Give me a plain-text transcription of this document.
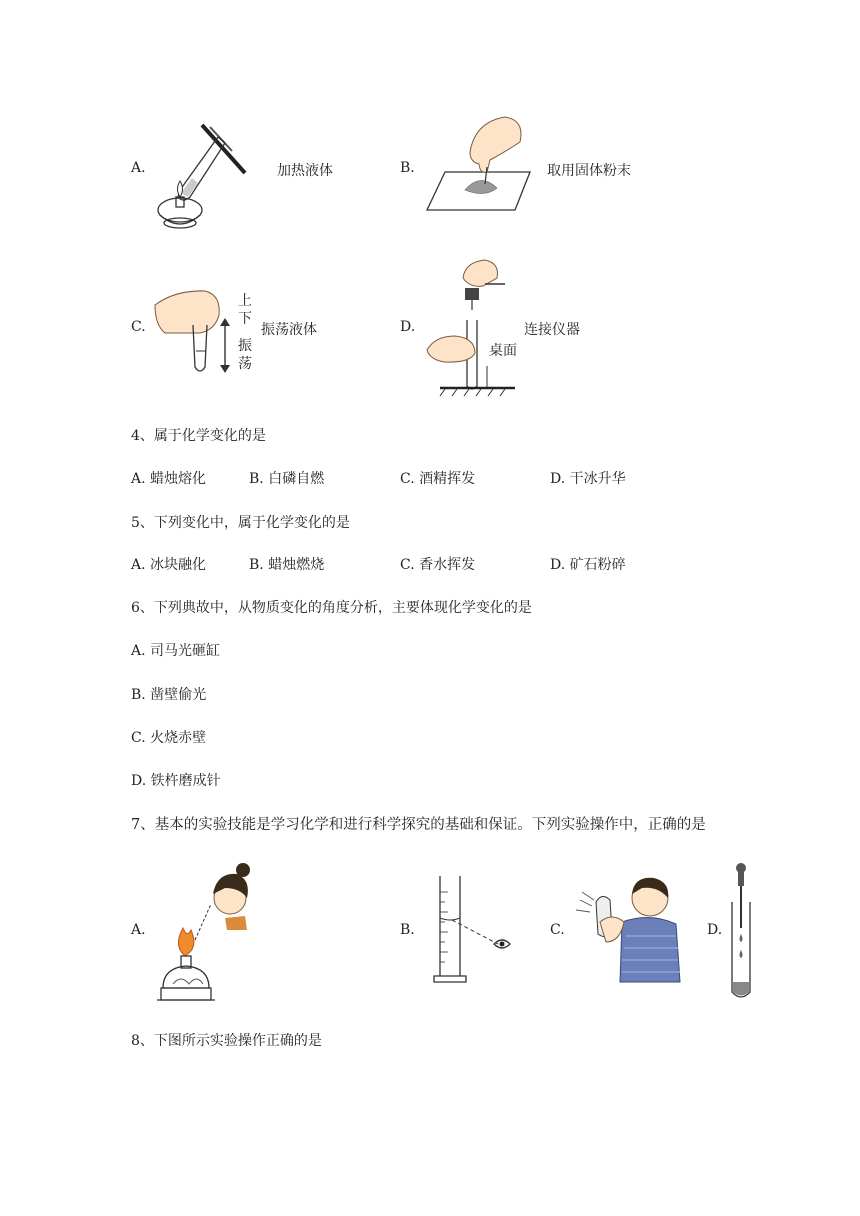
A.	加热液体	B.	取用固体粉末
C.
上
下
振
荡
振荡液体	D.
桌面
连接仪器
4、属于化学变化的是
A. 蜡烛熔化	B. 白磷自燃	C. 酒精挥发	D. 干冰升华
5、下列变化中，属于化学变化的是
A. 冰块融化	B. 蜡烛燃烧	C. 香水挥发	D. 矿石粉碎
6、下列典故中，从物质变化的角度分析，主要体现化学变化的是
A. 司马光砸缸
B. 凿壁偷光
C. 火烧赤壁
D. 铁杵磨成针
7、基本的实验技能是学习化学和进行科学探究的基础和保证。下列实验操作中，正确的是
A.	B.	C.	D.
8、下图所示实验操作正确的是
